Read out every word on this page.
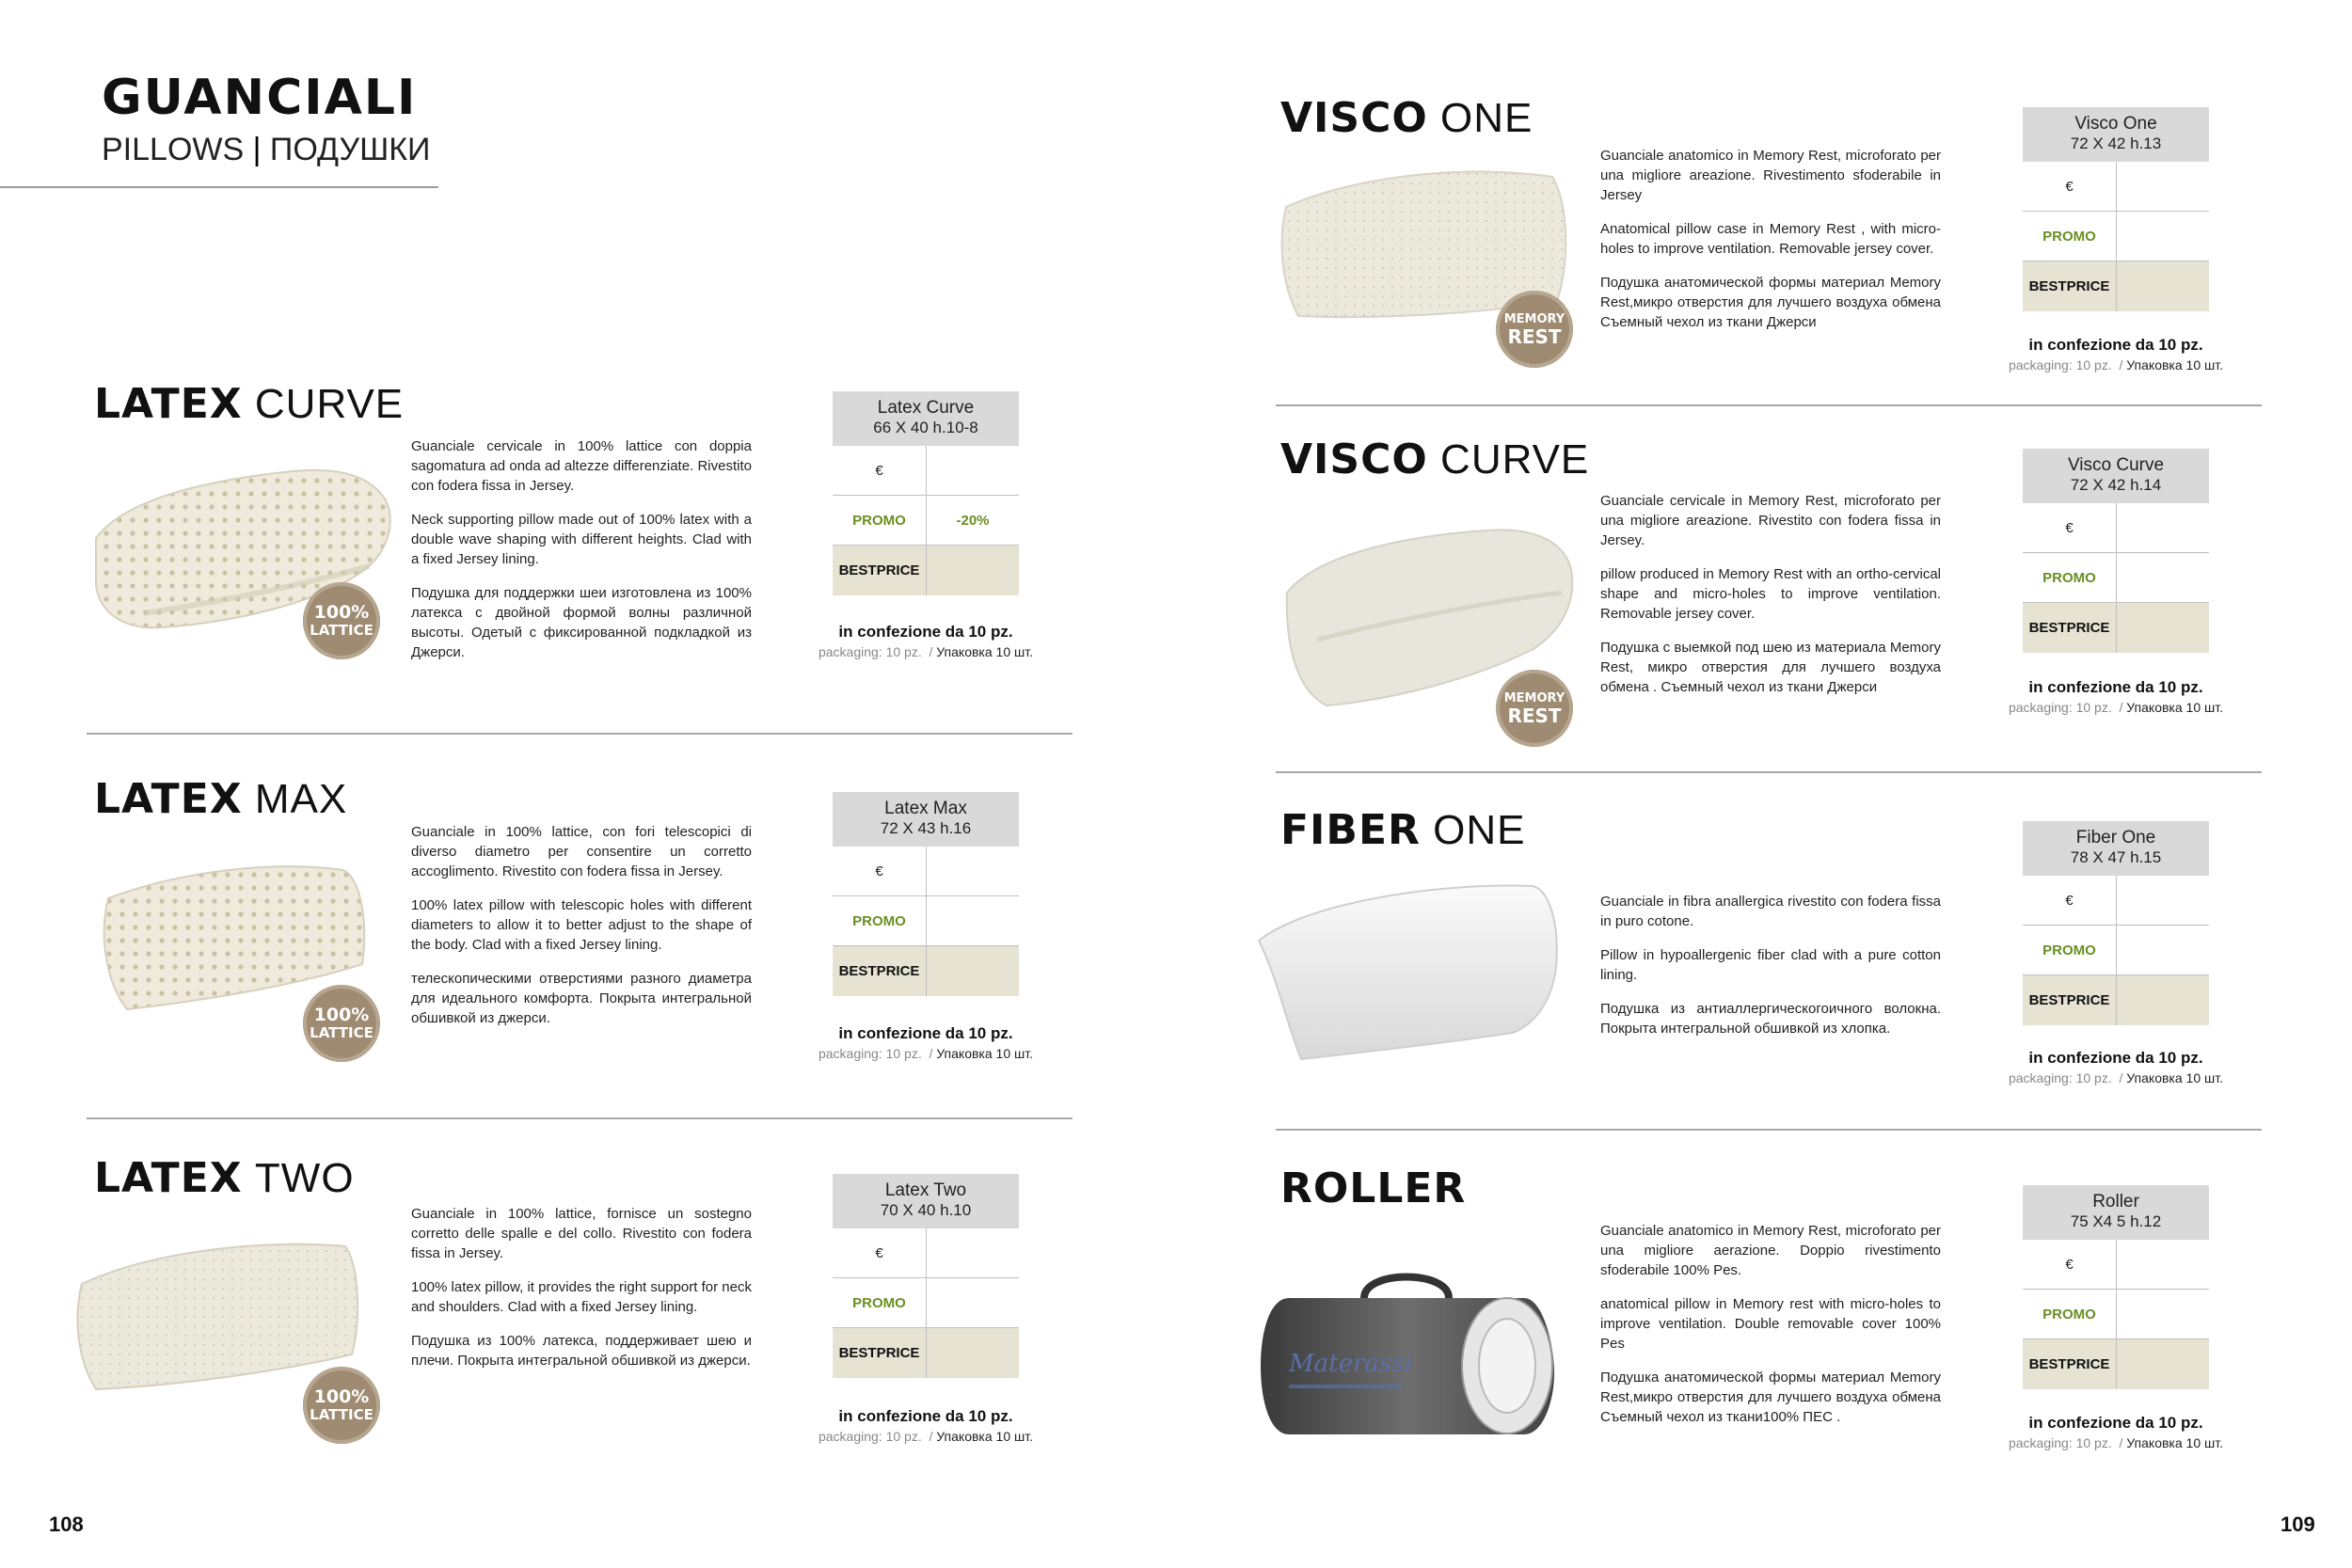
GUANCIALI
PILLOWS | ПОДУШКИ
LATEX CURVE
100%
LATTICE

Guanciale cervicale in 100% lattice con doppia sagomatura ad onda ad altezze differenziate. Rivestito con fodera fissa in Jersey.

Neck supporting pillow made out of 100% latex with a double wave shaping with different heights. Clad with a fixed Jersey lining.

Подушка для поддержки шеи изготовлена из 100% латекса с двойной формой волны различной высоты. Одетый с фиксированной подкладкой из Джерси.

Latex Curve
66 X 40 h.10-8
€
PROMO	-20%
BEST PRICE
in confezione da 10 pz.
packaging: 10 pz. / Упаковка 10 шт.
LATEX MAX
100%
LATTICE

Guanciale in 100% lattice, con fori telescopici di diverso diametro per consentire un corretto accoglimento. Rivestito con fodera fissa in Jersey.

100% latex pillow with telescopic holes with different diameters to allow it to better adjust to the shape of the body. Clad with a fixed Jersey lining.

телескопическими отверстиями разного диаметра для идеального комфорта. Покрыта интегральной обшивкой из джерси.

Latex Max
72 X 43 h.16
€
PROMO
BEST PRICE
in confezione da 10 pz.
packaging: 10 pz. / Упаковка 10 шт.
LATEX TWO
100%
LATTICE

Guanciale in 100% lattice, fornisce un sostegno corretto delle spalle e del collo. Rivestito con fodera fissa in Jersey.

100% latex pillow, it provides the right support for neck and shoulders. Clad with a fixed Jersey lining.

Подушка из 100% латекса, поддерживает шею и плечи. Покрыта интегральной обшивкой из джерси.

Latex Two
70 X 40 h.10
€
PROMO
BEST PRICE
in confezione da 10 pz.
packaging: 10 pz. / Упаковка 10 шт.
VISCO ONE
MEMORY
REST

Guanciale anatomico in Memory Rest, microforato per una migliore areazione. Rivestimento sfoderabile in Jersey

Anatomical pillow case in Memory Rest , with micro-holes to improve ventilation. Removable jersey cover.

Подушка анатомической формы материал Memory Rest,микро отверстия для лучшего воздуха обмена Съемный чехол из ткани Джерси

Visco One
72 X 42 h.13
€
PROMO
BEST PRICE
in confezione da 10 pz.
packaging: 10 pz. / Упаковка 10 шт.
VISCO CURVE
MEMORY
REST

Guanciale cervicale in Memory Rest, microforato per una migliore areazione. Rivestito con fodera fissa in Jersey.

pillow produced in Memory Rest with an ortho-cervical shape and micro-holes to improve ventilation. Removable jersey cover.

Подушка с выемкой под шею из материала Memory Rest, микро отверстия для лучшего воздуха обмена . Съемный чехол из ткани Джерси

Visco Curve
72 X 42 h.14
€
PROMO
BEST PRICE
in confezione da 10 pz.
packaging: 10 pz. / Упаковка 10 шт.
FIBER ONE

Guanciale in fibra anallergica rivestito con fodera fissa in puro cotone.

Pillow in hypoallergenic fiber clad with a pure cotton lining.

Подушка из антиаллергическогоичного волокна. Покрыта интегральной обшивкой из хлопка.

Fiber One
78 X 47 h.15
€
PROMO
BEST PRICE
in confezione da 10 pz.
packaging: 10 pz. / Упаковка 10 шт.
ROLLER
Materassi

Guanciale anatomico in Memory Rest, microforato per una migliore aerazione. Doppio rivestimento sfoderabile 100% Pes.

anatomical pillow in Memory rest with micro-holes to improve ventilation. Double removable cover 100% Pes

Подушка анатомической формы материал Memory Rest,микро отверстия для лучшего воздуха обмена Съемный чехол из ткани100% ПЕС .

Roller
75 X4 5 h.12
€
PROMO
BEST PRICE
in confezione da 10 pz.
packaging: 10 pz. / Упаковка 10 шт.
108	109
